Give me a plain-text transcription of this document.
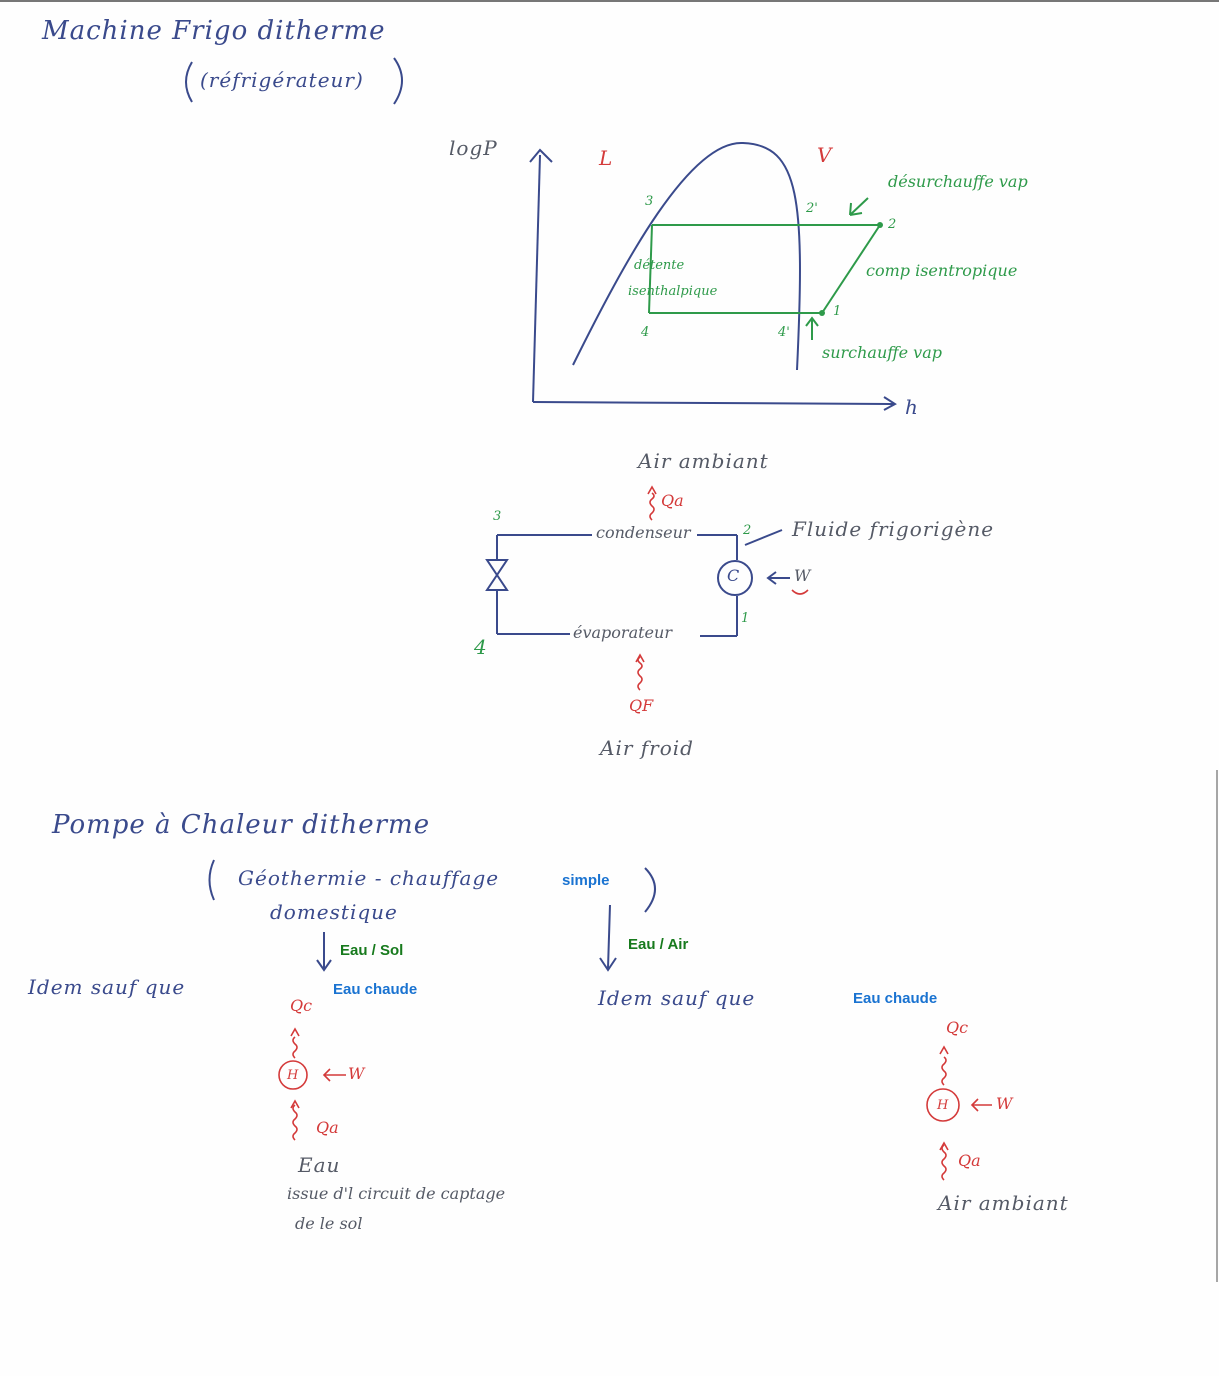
Machine Frigo ditherme
(réfrigérateur)
logP
h
L	V
3	2'
2
4	4'
1
désurchauffe vap
comp isentropique
détente
isenthalpique
surchauffe vap
Air ambiant
Qa
condenseur	Fluide frigorigène
C	W
évaporateur
QF
Air froid
3
2
4
1
Pompe à Chaleur ditherme
Géothermie - chauffage	simple
domestique
Eau / Sol
Idem sauf que	Eau chaude
Qc
H	W
Qa
Eau
issue d'l circuit de captage
de le sol
Eau / Air
Idem sauf que	Eau chaude
Qc
H	W
Qa
Air ambiant
